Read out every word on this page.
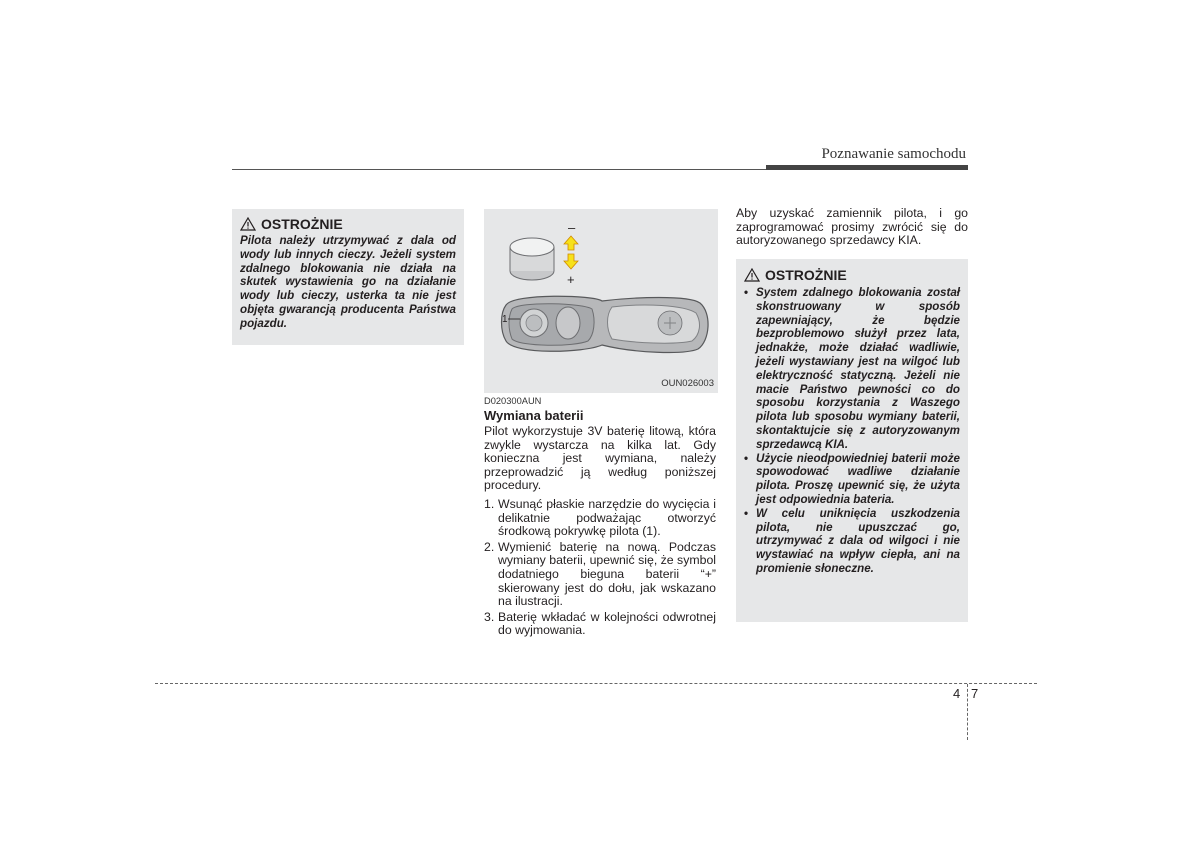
Poznawanie samochodu
OSTROŻNIE
Pilota należy utrzymywać z dala od wody lub innych cieczy. Jeżeli system zdalnego blokowania nie działa na skutek wystawienia go na działanie wody lub cieczy, usterka ta nie jest objęta gwarancją producenta Państwa pojazdu.
–
+
1
OUN026003
D020300AUN
Wymiana baterii
Pilot wykorzystuje 3V baterię litową, która zwykle wystarcza na kilka lat. Gdy konieczna jest wymiana, należy przeprowadzić ją według poniższej procedury.
1. Wsunąć płaskie narzędzie do wycięcia i delikatnie podważając otworzyć środkową pokrywkę pilota (1).
2. Wymienić baterię na nową. Podczas wymiany baterii, upewnić się, że symbol dodatniego bieguna baterii “+” skierowany jest do dołu, jak wskazano na ilustracji.
3. Baterię wkładać w kolejności odwrotnej do wyjmowania.
Aby uzyskać zamiennik pilota, i go zaprogramować prosimy zwrócić się do autoryzowanego sprzedawcy KIA.
OSTROŻNIE
• System zdalnego blokowania został skonstruowany w sposób zapewniający, że będzie bezproblemowo służył przez lata, jednakże, może działać wadliwie, jeżeli wystawiany jest na wilgoć lub elektryczność statyczną. Jeżeli nie macie Państwo pewności co do sposobu korzystania z Waszego pilota lub sposobu wymiany baterii, skontaktujcie się z autoryzowanym sprzedawcą KIA.
• Użycie nieodpowiedniej baterii może spowodować wadliwe działanie pilota. Proszę upewnić się, że użyta jest odpowiednia bateria.
• W celu uniknięcia uszkodzenia pilota, nie upuszczać go, utrzymywać z dala od wilgoci i nie wystawiać na wpływ ciepła, ani na promienie słoneczne.
4 7
